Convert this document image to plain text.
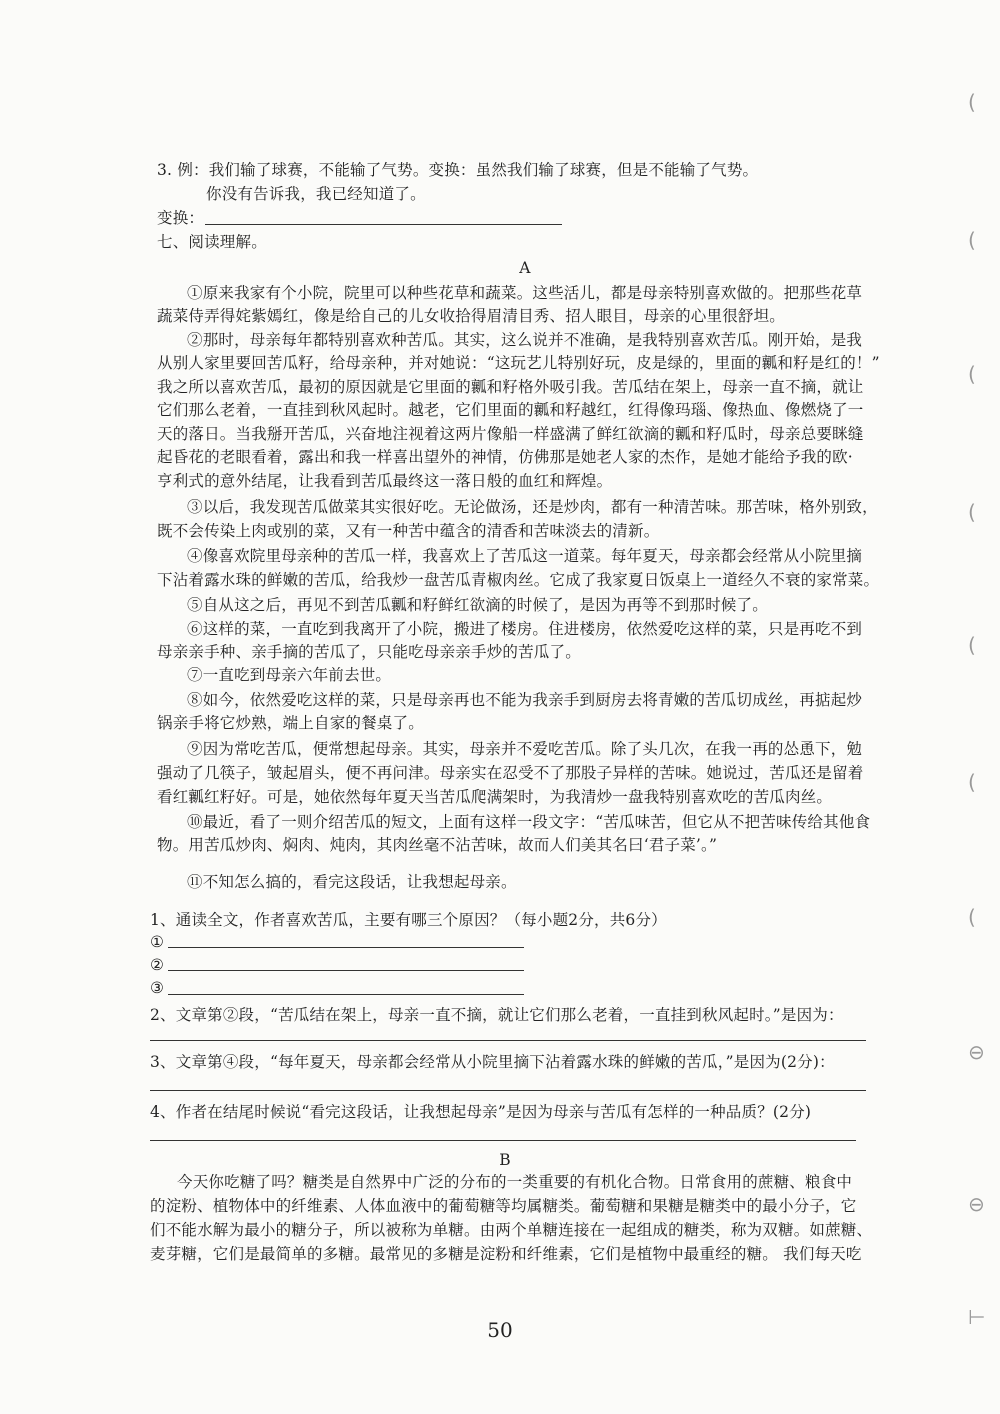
3. 例：我们输了球赛，不能输了气势。变换：虽然我们输了球赛，但是不能输了气势。
你没有告诉我，我已经知道了。
变换：
七、阅读理解。
A
①原来我家有个小院，院里可以种些花草和蔬菜。这些活儿，都是母亲特别喜欢做的。把那些花草
蔬菜侍弄得姹紫嫣红，像是给自己的儿女收拾得眉清目秀、招人眼目，母亲的心里很舒坦。
②那时，母亲每年都特别喜欢种苦瓜。其实，这么说并不准确，是我特别喜欢苦瓜。刚开始，是我
从别人家里要回苦瓜籽，给母亲种，并对她说：“这玩艺儿特别好玩，皮是绿的，里面的瓤和籽是红的！”
我之所以喜欢苦瓜，最初的原因就是它里面的瓤和籽格外吸引我。苦瓜结在架上，母亲一直不摘，就让
它们那么老着，一直挂到秋风起时。越老，它们里面的瓤和籽越红，红得像玛瑙、像热血、像燃烧了一
天的落日。当我掰开苦瓜，兴奋地注视着这两片像船一样盛满了鲜红欲滴的瓤和籽瓜时，母亲总要眯缝
起昏花的老眼看着，露出和我一样喜出望外的神情，仿佛那是她老人家的杰作，是她才能给予我的欧·
亨利式的意外结尾，让我看到苦瓜最终这一落日般的血红和辉煌。
③以后，我发现苦瓜做菜其实很好吃。无论做汤，还是炒肉，都有一种清苦味。那苦味，格外别致，
既不会传染上肉或别的菜，又有一种苦中蕴含的清香和苦味淡去的清新。
④像喜欢院里母亲种的苦瓜一样，我喜欢上了苦瓜这一道菜。每年夏天，母亲都会经常从小院里摘
下沾着露水珠的鲜嫩的苦瓜，给我炒一盘苦瓜青椒肉丝。它成了我家夏日饭桌上一道经久不衰的家常菜。
⑤自从这之后，再见不到苦瓜瓤和籽鲜红欲滴的时候了，是因为再等不到那时候了。
⑥这样的菜，一直吃到我离开了小院，搬进了楼房。住进楼房，依然爱吃这样的菜，只是再吃不到
母亲亲手种、亲手摘的苦瓜了，只能吃母亲亲手炒的苦瓜了。
⑦一直吃到母亲六年前去世。
⑧如今，依然爱吃这样的菜，只是母亲再也不能为我亲手到厨房去将青嫩的苦瓜切成丝，再掂起炒
锅亲手将它炒熟，端上自家的餐桌了。
⑨因为常吃苦瓜，便常想起母亲。其实，母亲并不爱吃苦瓜。除了头几次，在我一再的怂恿下，勉
强动了几筷子，皱起眉头，便不再问津。母亲实在忍受不了那股子异样的苦味。她说过，苦瓜还是留着
看红瓤红籽好。可是，她依然每年夏天当苦瓜爬满架时，为我清炒一盘我特别喜欢吃的苦瓜肉丝。
⑩最近，看了一则介绍苦瓜的短文，上面有这样一段文字：“苦瓜味苦，但它从不把苦味传给其他食
物。用苦瓜炒肉、焖肉、炖肉，其肉丝毫不沾苦味，故而人们美其名曰‘君子菜’。”
⑪不知怎么搞的，看完这段话，让我想起母亲。
1、通读全文，作者喜欢苦瓜，主要有哪三个原因？（每小题2分，共6分）
①
②
③
2、文章第②段，“苦瓜结在架上，母亲一直不摘，就让它们那么老着，一直挂到秋风起时。”是因为：
3、文章第④段，“每年夏天，母亲都会经常从小院里摘下沾着露水珠的鲜嫩的苦瓜，”是因为(2分)：
4、作者在结尾时候说“看完这段话，让我想起母亲”是因为母亲与苦瓜有怎样的一种品质？(2分)
B
今天你吃糖了吗？糖类是自然界中广泛的分布的一类重要的有机化合物。日常食用的蔗糖、粮食中
的淀粉、植物体中的纤维素、人体血液中的葡萄糖等均属糖类。葡萄糖和果糖是糖类中的最小分子，它
们不能水解为最小的糖分子，所以被称为单糖。由两个单糖连接在一起组成的糖类，称为双糖。如蔗糖、
麦芽糖，它们是最简单的多糖。最常见的多糖是淀粉和纤维素，它们是植物中最重经的糖。 我们每天吃
50
(
(
(
(
(
(
(
⊖
⊖
⊢
